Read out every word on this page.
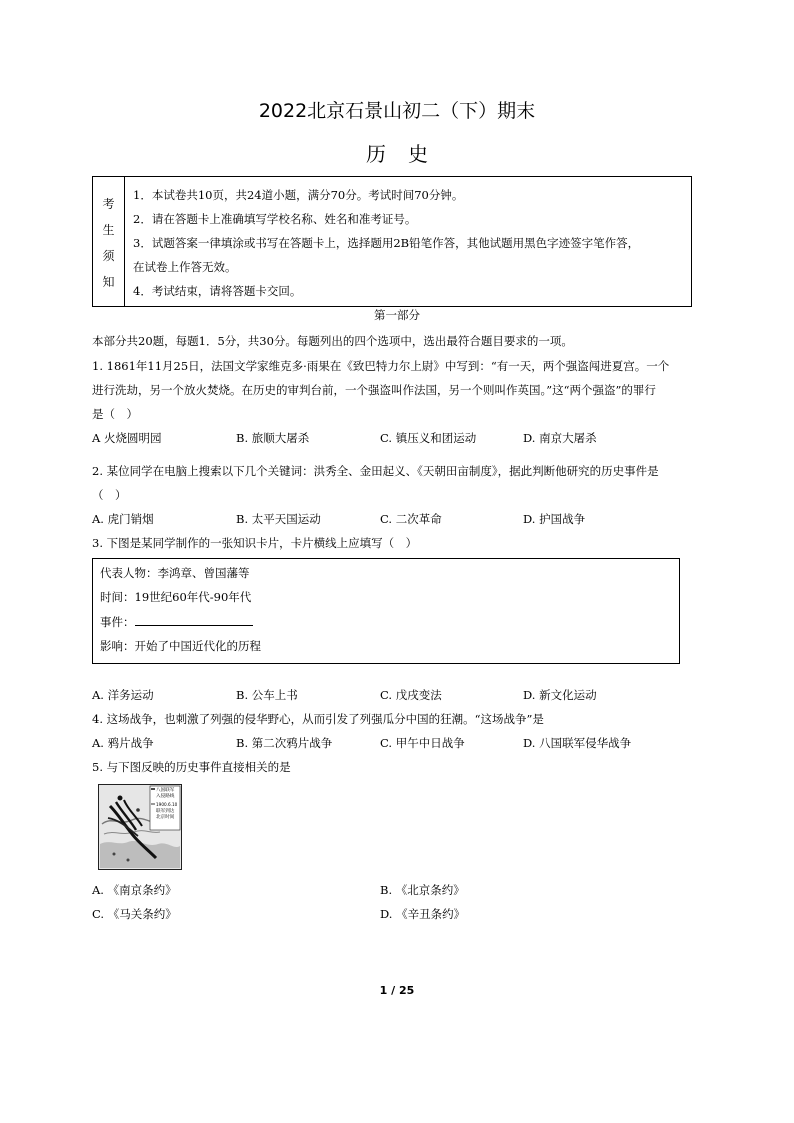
2022北京石景山初二（下）期末
历史
考
生
须
知
1．本试卷共10页，共24道小题，满分70分。考试时间70分钟。
2．请在答题卡上准确填写学校名称、姓名和准考证号。
3．试题答案一律填涂或书写在答题卡上，选择题用2B铅笔作答，其他试题用黑色字迹签字笔作答，
在试卷上作答无效。
4．考试结束，请将答题卡交回。
第一部分
本部分共20题，每题1．5分，共30分。每题列出的四个选项中，选出最符合题目要求的一项。
1. 1861年11月25日，法国文学家维克多·雨果在《致巴特力尔上尉》中写到：“有一天，两个强盗闯进夏宫。一个
进行洗劫，另一个放火焚烧。在历史的审判台前，一个强盗叫作法国，另一个则叫作英国。”这“两个强盗”的罪行
是（　）
A 火烧圆明园	B. 旅顺大屠杀	C. 镇压义和团运动	D. 南京大屠杀
2. 某位同学在电脑上搜索以下几个关键词：洪秀全、金田起义、《天朝田亩制度》，据此判断他研究的历史事件是
（　）
A. 虎门销烟	B. 太平天国运动	C. 二次革命	D. 护国战争
3. 下图是某同学制作的一张知识卡片，卡片横线上应填写（　）
代表人物：李鸿章、曾国藩等
时间：19世纪60年代-90年代
事件：
影响：开始了中国近代化的历程
A. 洋务运动	B. 公车上书	C. 戊戌变法	D. 新文化运动
4. 这场战争，也刺激了列强的侵华野心，从而引发了列强瓜分中国的狂潮。“这场战争”是
A. 鸦片战争	B. 第二次鸦片战争	C. 甲午中日战争	D. 八国联军侵华战争
5. 与下图反映的历史事件直接相关的是
八国联军
入侵路线
1900.6.10
联军到达
北京时间
A. 《南京条约》	B. 《北京条约》
C. 《马关条约》	D. 《辛丑条约》
1 / 25
